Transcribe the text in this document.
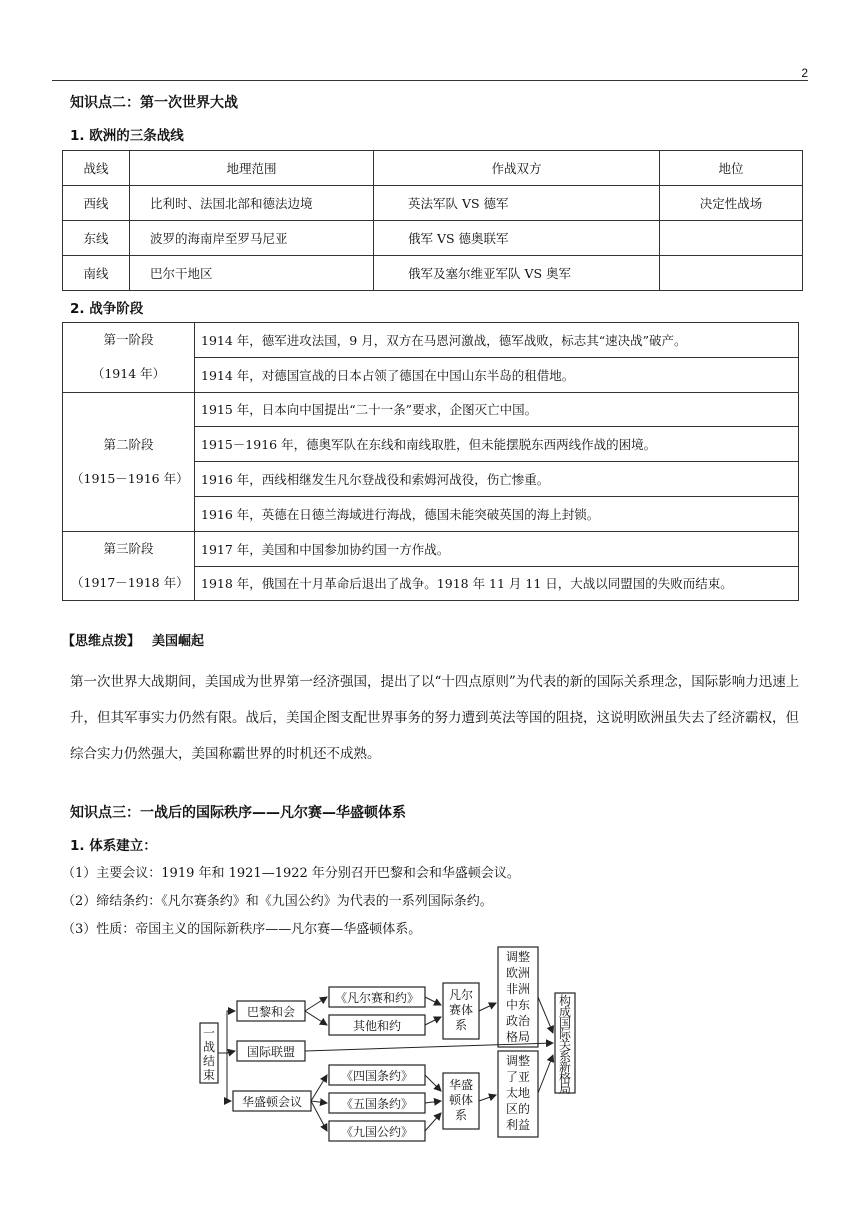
2
知识点二：第一次世界大战
1. 欧洲的三条战线
战线	地理范围	作战双方	地位
西线	比利时、法国北部和德法边境	英法军队 VS 德军	决定性战场
东线	波罗的海南岸至罗马尼亚	俄军 VS 德奥联军	
南线	巴尔干地区	俄军及塞尔维亚军队 VS 奥军	
2. 战争阶段
第一阶段
（1914 年）	1914 年，德军进攻法国，9 月，双方在马恩河激战，德军战败，标志其“速决战”破产。
	1914 年，对德国宣战的日本占领了德国在中国山东半岛的租借地。

第二阶段
（1915－1916 年）	1915 年，日本向中国提出“二十一条”要求，企图灭亡中国。
	1915－1916 年，德奥军队在东线和南线取胜，但未能摆脱东西两线作战的困境。
	1916 年，西线相继发生凡尔登战役和索姆河战役，伤亡惨重。
	1916 年，英德在日德兰海域进行海战，德国未能突破英国的海上封锁。

第三阶段
（1917－1918 年）	1917 年，美国和中国参加协约国一方作战。
	1918 年，俄国在十月革命后退出了战争。1918 年 11 月 11 日，大战以同盟国的失败而结束。
【思维点拨】 美国崛起
第一次世界大战期间，美国成为世界第一经济强国，提出了以“十四点原则”为代表的新的国际关系理念，国际影响力迅速上升，但其军事实力仍然有限。战后，美国企图支配世界事务的努力遭到英法等国的阻挠，这说明欧洲虽失去了经济霸权，但综合实力仍然强大，美国称霸世界的时机还不成熟。
知识点三：一战后的国际秩序——凡尔赛—华盛顿体系
1. 体系建立：
（1）主要会议：1919 年和 1921—1922 年分别召开巴黎和会和华盛顿会议。
（2）缔结条约：《凡尔赛条约》和《九国公约》为代表的一系列国际条约。
（3）性质：帝国主义的国际新秩序——凡尔赛—华盛顿体系。
巴黎和会
国际联盟
华盛顿会议
《凡尔赛和约》
其他和约
《四国条约》
《五国条约》
《九国公约》
一战结束
凡尔赛体系
华盛顿体系
调整欧洲非洲中东政治格局
调整了亚太地区的利益
构成国际关系新格局
